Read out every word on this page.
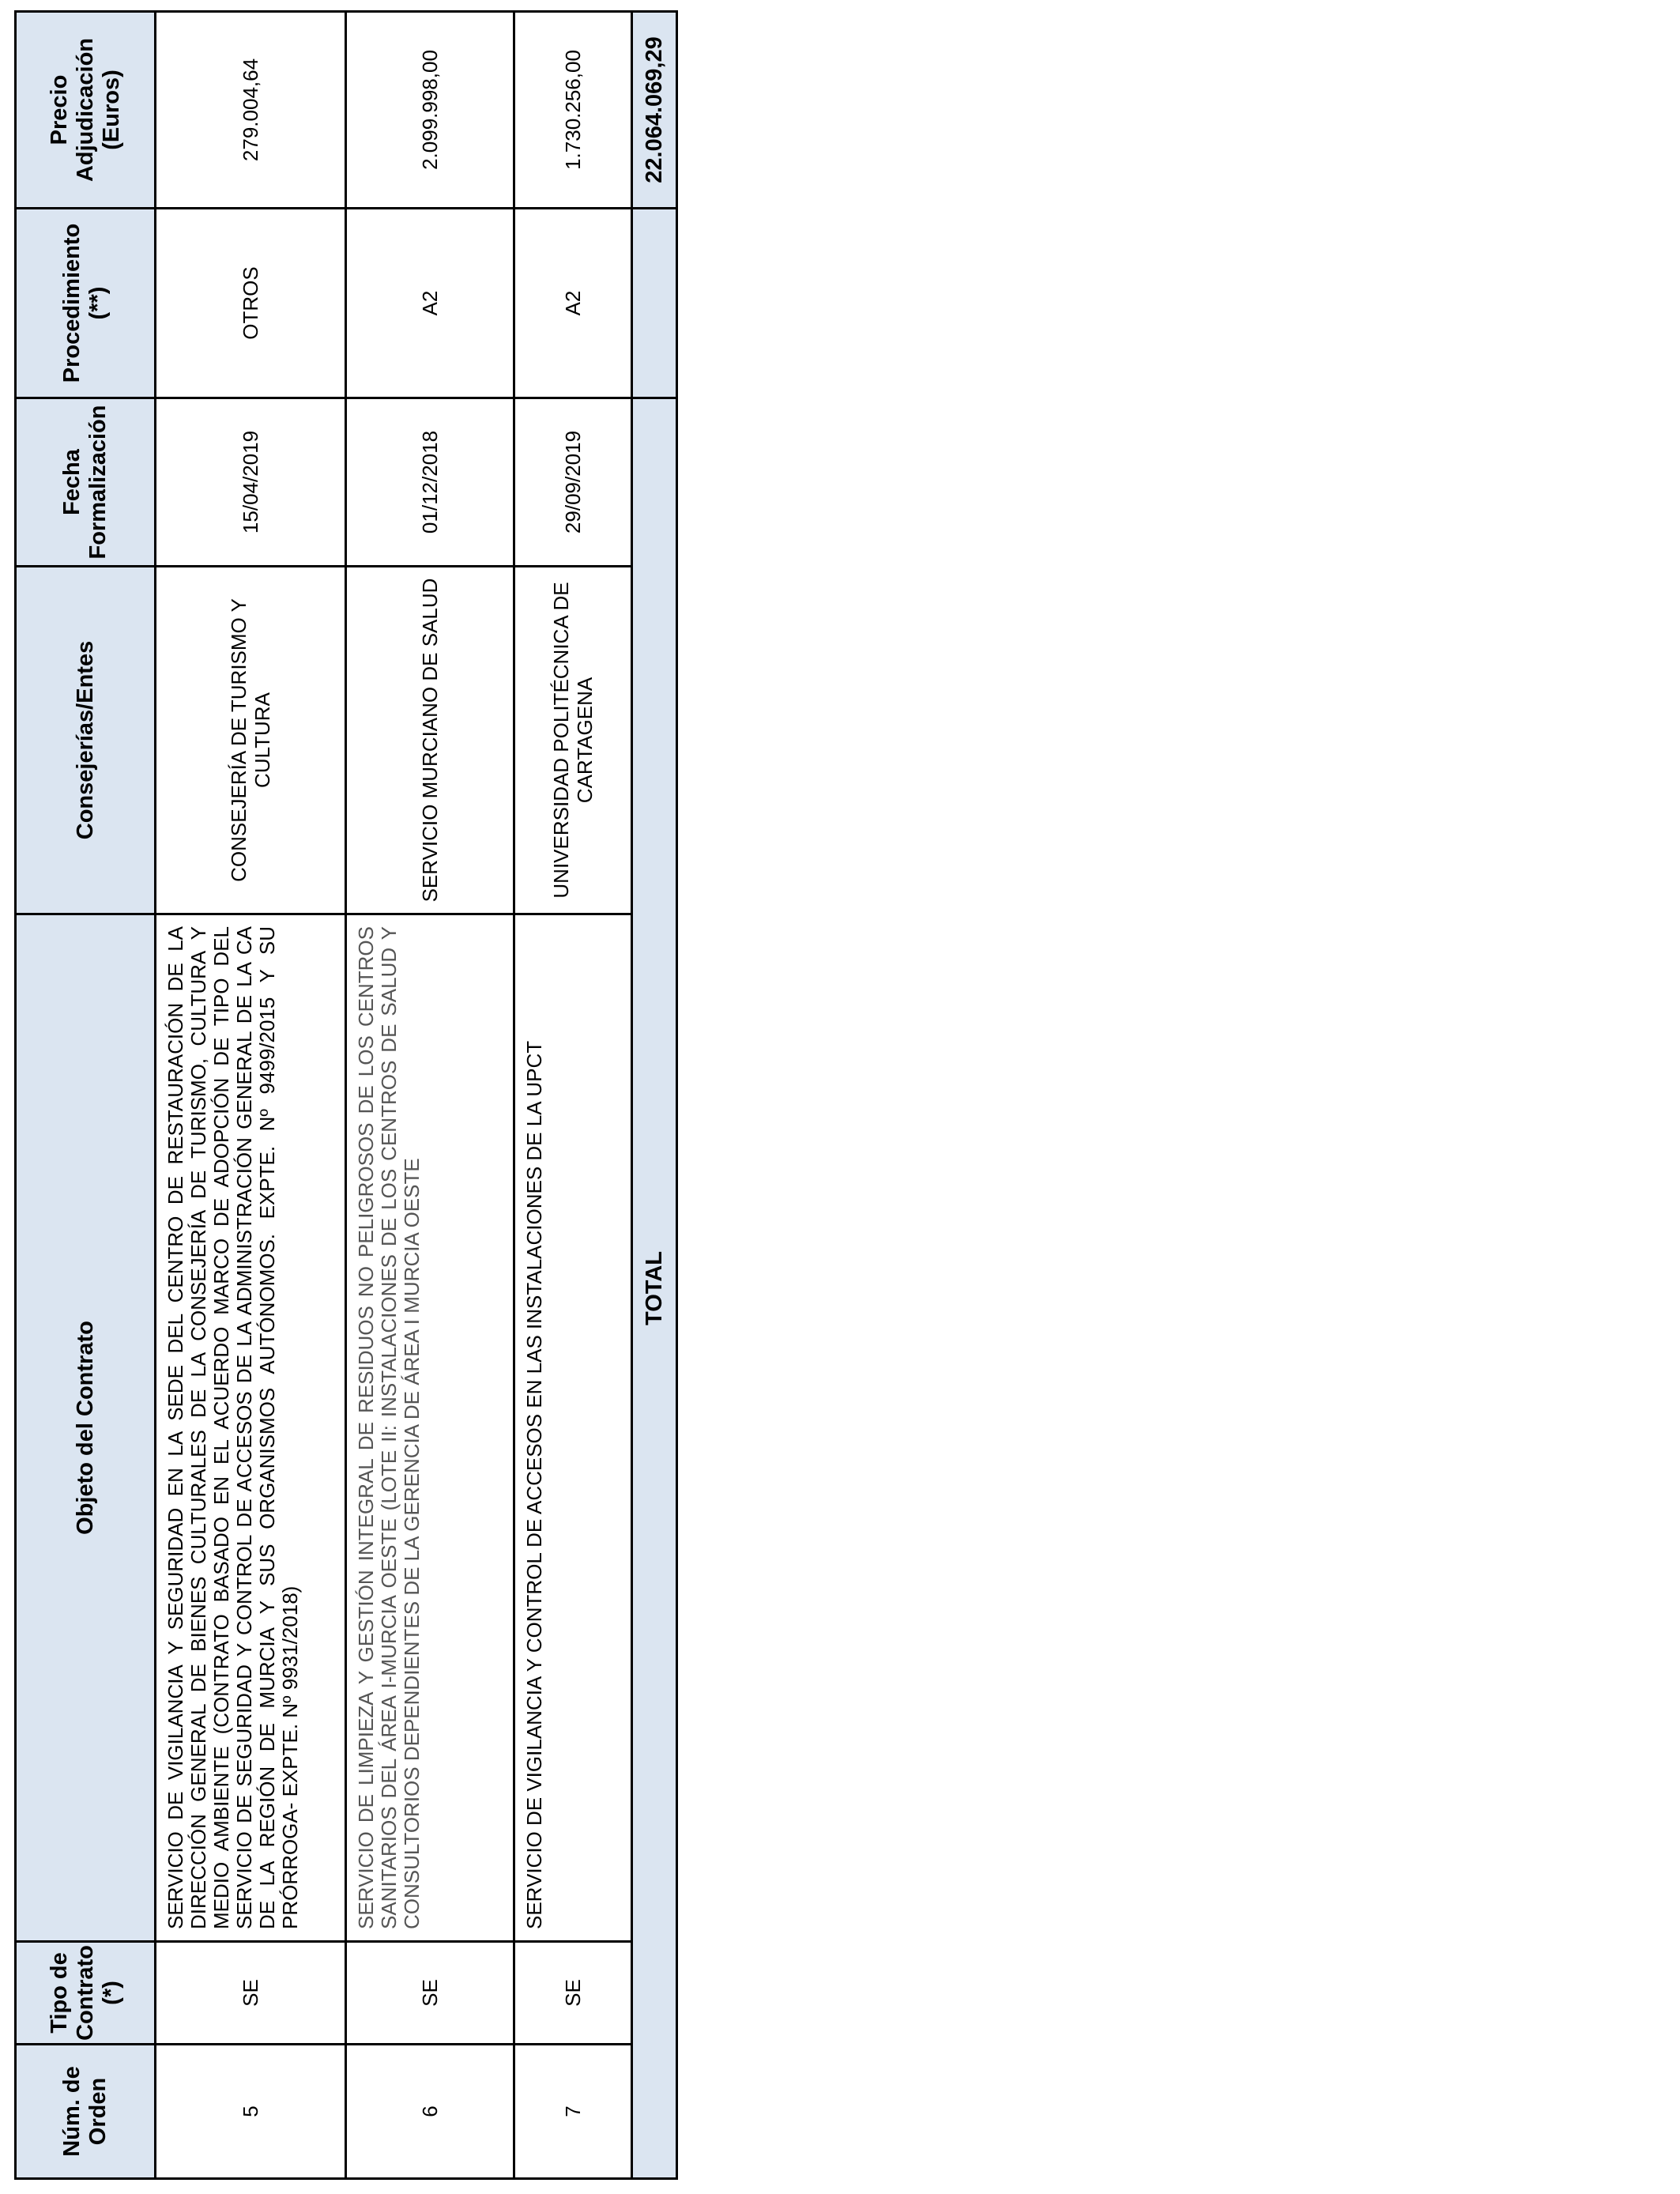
Núm. de Orden	Tipo de Contrato (*)	Objeto del Contrato	Consejerías/Entes	Fecha Formalización	Procedimiento (**)	Precio Adjudicación (Euros)
5	SE	SERVICIO DE VIGILANCIA Y SEGURIDAD EN LA SEDE DEL CENTRO DE RESTAURACIÓN DE LA DIRECCIÓN GENERAL DE BIENES CULTURALES DE LA CONSEJERÍA DE TURISMO, CULTURA Y MEDIO AMBIENTE (CONTRATO BASADO EN EL ACUERDO MARCO DE ADOPCIÓN DE TIPO DEL SERVICIO DE SEGURIDAD Y CONTROL DE ACCESOS DE LA ADMINISTRACIÓN GENERAL DE LA CA DE LA REGIÓN DE MURCIA Y SUS ORGANISMOS AUTÓNOMOS. EXPTE. Nº 9499/2015 Y SU PRÓRROGA- EXPTE. Nº 9931/2018)	CONSEJERÍA DE TURISMO Y CULTURA	15/04/2019	OTROS	279.004,64
6	SE	SERVICIO DE LIMPIEZA Y GESTIÓN INTEGRAL DE RESIDUOS NO PELIGROSOS DE LOS CENTROS SANITARIOS DEL ÁREA I-MURCIA OESTE (LOTE II: INSTALACIONES DE LOS CENTROS DE SALUD Y CONSULTORIOS DEPENDIENTES DE LA GERENCIA DE ÁREA I MURCIA OESTE	SERVICIO MURCIANO DE SALUD	01/12/2018	A2	2.099.998,00
7	SE	SERVICIO DE VIGILANCIA Y CONTROL DE ACCESOS EN LAS INSTALACIONES DE LA UPCT	UNIVERSIDAD POLITÉCNICA DE CARTAGENA	29/09/2019	A2	1.730.256,00
TOTAL						22.064.069,29
